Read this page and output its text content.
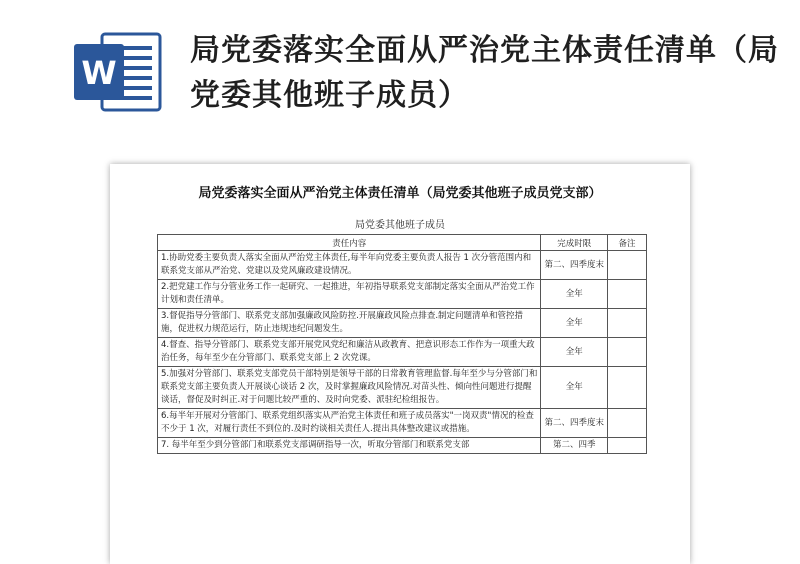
W
局党委落实全面从严治党主体责任清单（局党委其他班子成员）
局党委落实全面从严治党主体责任清单（局党委其他班子成员党支部）
局党委其他班子成员
责任内容	完成时限	备注
1.协助党委主要负责人落实全面从严治党主体责任,每半年向党委主要负责人报告 1 次分管范围内和联系党支部从严治党、党建以及党风廉政建设情况。	第二、四季度末	
2.把党建工作与分管业务工作一起研究、一起推进，年初指导联系党支部制定落实全面从严治党工作计划和责任清单。	全年	
3.督促指导分管部门、联系党支部加强廉政风险防控.开展廉政风险点排查.制定问题清单和管控措施，促进权力规范运行，防止违规违纪问题发生。	全年	
4.督查、指导分管部门、联系党支部开展党风党纪和廉洁从政教育、把意识形态工作作为一项重大政治任务，每年至少在分管部门、联系党支部上 2 次党课。	全年	
5.加强对分管部门、联系党支部党员干部特别是领导干部的日常教育管理监督.每年至少与分管部门和联系党支部主要负责人开展谈心谈话 2 次，及时掌握廉政风险情况.对苗头性、倾向性问题进行提醒谈话，督促及时纠正.对于问题比较严重的、及时向党委、派驻纪检组报告。	全年	
6.每半年开展对分管部门、联系党组织落实从严治党主体责任和班子成员落实"一岗双责"情况的检查不少于 1 次，对履行责任不到位的.及时约谈相关责任人.提出具体整改建议或措施。	第二、四季度末	
7. 每半年至少到分管部门和联系党支部调研指导一次，听取分管部门和联系党支部	第二、四季	
